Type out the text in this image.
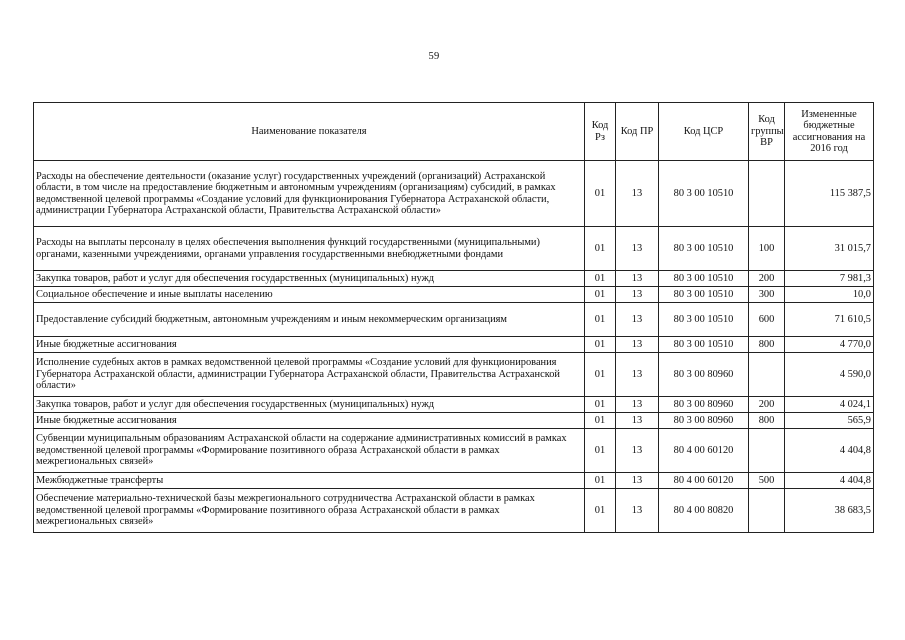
59
Наименование показателя	Код Рз	Код ПР	Код ЦСР	Код группы ВР	Измененные бюджетные ассигнования на 2016 год
Расходы на обеспечение деятельности (оказание услуг) государственных учреждений (организаций) Астраханской области, в том числе на предоставление бюджетным и автономным учреждениям (организациям) субсидий, в рамках ведомственной целевой программы «Создание условий для функционирования Губернатора Астраханской области, администрации Губернатора Астраханской области, Правительства Астраханской области»	01	13	80 3 00 10510		115 387,5
Расходы на выплаты персоналу в целях обеспечения выполнения функций государственными (муниципальными) органами, казенными учреждениями, органами управления государственными внебюджетными фондами	01	13	80 3 00 10510	100	31 015,7
Закупка товаров, работ и услуг для обеспечения государственных (муниципальных) нужд	01	13	80 3 00 10510	200	7 981,3
Социальное обеспечение и иные выплаты населению	01	13	80 3 00 10510	300	10,0
Предоставление субсидий бюджетным, автономным учреждениям и иным некоммерческим организациям	01	13	80 3 00 10510	600	71 610,5
Иные бюджетные ассигнования	01	13	80 3 00 10510	800	4 770,0
Исполнение судебных актов в рамках ведомственной целевой программы «Создание условий для функционирования Губернатора Астраханской области, администрации Губернатора Астраханской области, Правительства Астраханской области»	01	13	80 3 00 80960		4 590,0
Закупка товаров, работ и услуг для обеспечения государственных (муниципальных) нужд	01	13	80 3 00 80960	200	4 024,1
Иные бюджетные ассигнования	01	13	80 3 00 80960	800	565,9
Субвенции муниципальным образованиям Астраханской области на содержание административных комиссий в рамках ведомственной целевой программы «Формирование позитивного образа Астраханской области в рамках межрегиональных связей»	01	13	80 4 00 60120		4 404,8
Межбюджетные трансферты	01	13	80 4 00 60120	500	4 404,8
Обеспечение материально-технической базы межрегионального сотрудничества Астраханской области в рамках ведомственной целевой программы «Формирование позитивного образа Астраханской области в рамках межрегиональных связей»	01	13	80 4 00 80820		38 683,5
